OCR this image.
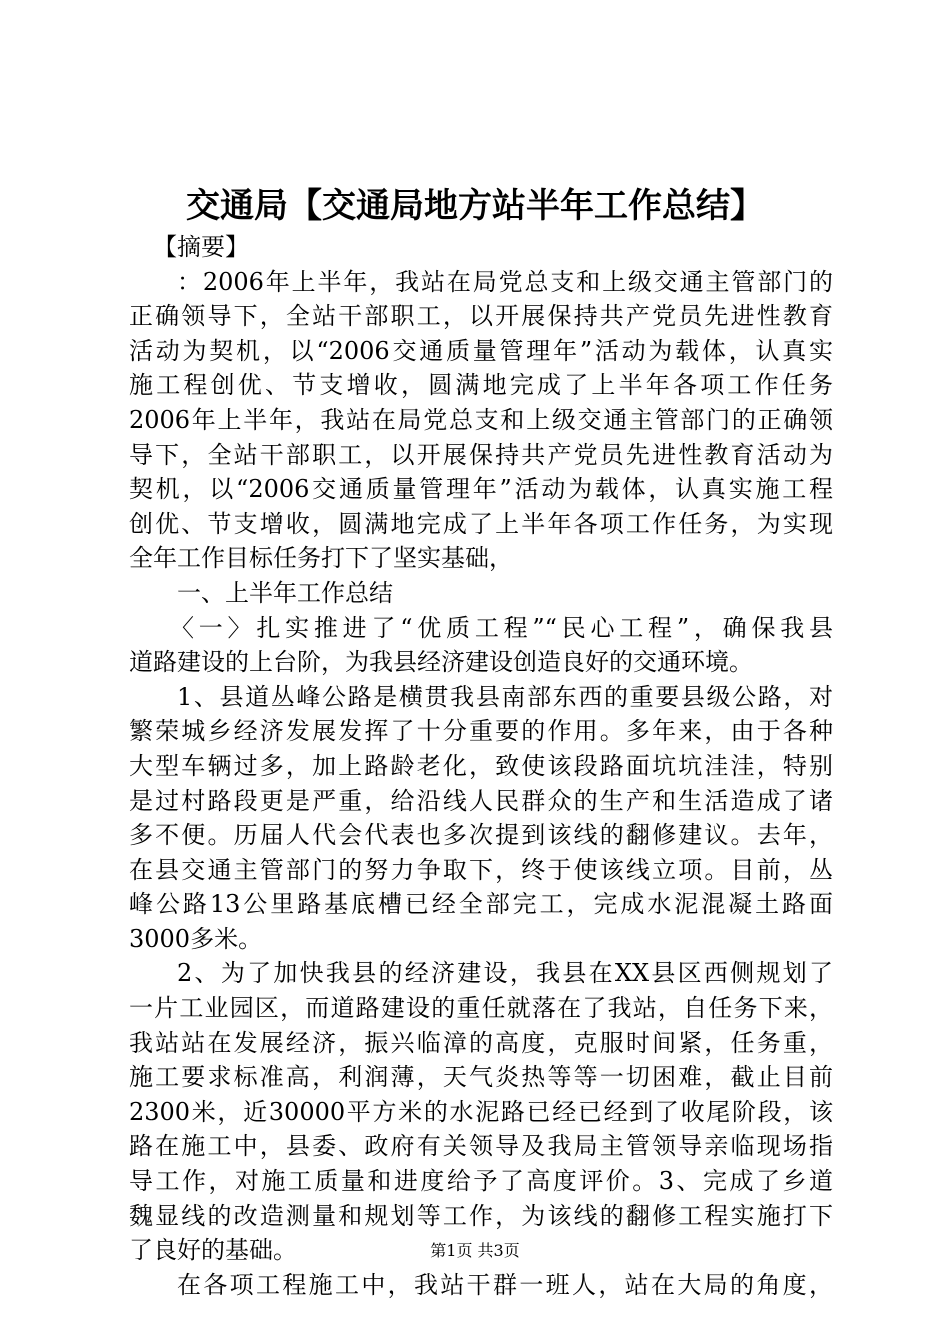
交通局【交通局地方站半年工作总结】
【摘要】
：2006年上半年，我站在局党总支和上级交通主管部门的
正确领导下，全站干部职工，以开展保持共产党员先进性教育
活动为契机，以“2006交通质量管理年”活动为载体，认真实
施工程创优、节支增收，圆满地完成了上半年各项工作任务
2006年上半年，我站在局党总支和上级交通主管部门的正确领
导下，全站干部职工，以开展保持共产党员先进性教育活动为
契机，以“2006交通质量管理年”活动为载体，认真实施工程
创优、节支增收，圆满地完成了上半年各项工作任务，为实现
全年工作目标任务打下了坚实基础，
一、上半年工作总结
〈一〉扎实推进了“优质工程”“民心工程”，确保我县
道路建设的上台阶，为我县经济建设创造良好的交通环境。
1、县道丛峰公路是横贯我县南部东西的重要县级公路，对
繁荣城乡经济发展发挥了十分重要的作用。多年来，由于各种
大型车辆过多，加上路龄老化，致使该段路面坑坑洼洼，特别
是过村路段更是严重，给沿线人民群众的生产和生活造成了诸
多不便。历届人代会代表也多次提到该线的翻修建议。去年，
在县交通主管部门的努力争取下，终于使该线立项。目前，丛
峰公路13公里路基底槽已经全部完工，完成水泥混凝土路面
3000多米。
2、为了加快我县的经济建设，我县在XX县区西侧规划了
一片工业园区，而道路建设的重任就落在了我站，自任务下来，
我站站在发展经济，振兴临漳的高度，克服时间紧，任务重，
施工要求标准高，利润薄，天气炎热等等一切困难，截止目前
2300米，近30000平方米的水泥路已经已经到了收尾阶段，该
路在施工中，县委、政府有关领导及我局主管领导亲临现场指
导工作，对施工质量和进度给予了高度评价。3、完成了乡道
魏显线的改造测量和规划等工作，为该线的翻修工程实施打下
了良好的基础。
在各项工程施工中，我站干群一班人，站在大局的角度，
第1页 共3页
